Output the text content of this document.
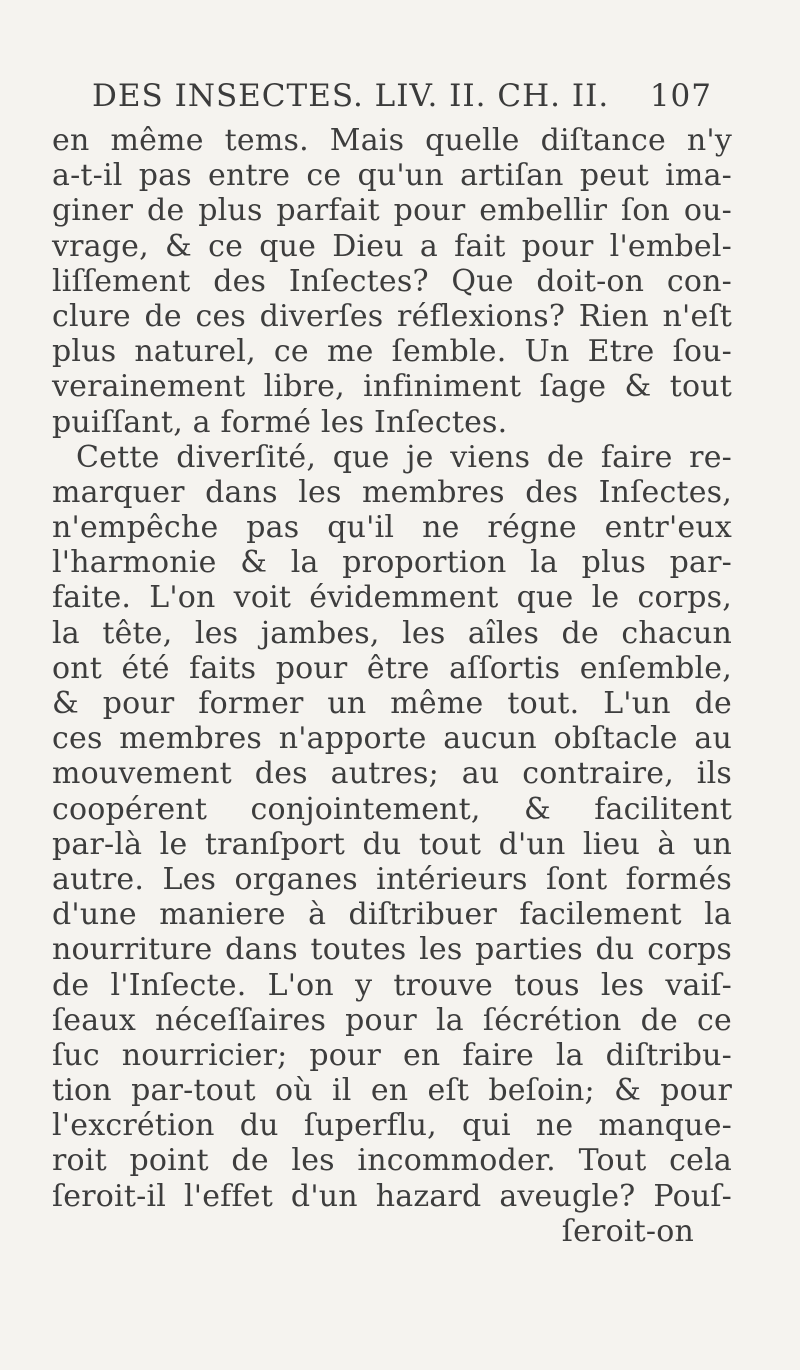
DES INSECTES. LIV. II. CH. II. 107
en même tems. Mais quelle diſtance n'y
a-t-il pas entre ce qu'un artiſan peut ima-
giner de plus parfait pour embellir ſon ou-
vrage, & ce que Dieu a fait pour l'embel-
liſſement des Inſectes? Que doit-on con-
clure de ces diverſes réflexions? Rien n'eſt
plus naturel, ce me ſemble. Un Etre ſou-
verainement libre, infiniment ſage & tout
puiſſant, a formé les Inſectes.
Cette diverſité, que je viens de faire re-
marquer dans les membres des Inſectes,
n'empêche pas qu'il ne régne entr'eux
l'harmonie & la proportion la plus par-
faite. L'on voit évidemment que le corps,
la tête, les jambes, les aîles de chacun
ont été faits pour être aſſortis enſemble,
& pour former un même tout. L'un de
ces membres n'apporte aucun obſtacle au
mouvement des autres; au contraire, ils
coopérent conjointement, & facilitent
par-là le tranſport du tout d'un lieu à un
autre. Les organes intérieurs ſont formés
d'une maniere à diſtribuer facilement la
nourriture dans toutes les parties du corps
de l'Inſecte. L'on y trouve tous les vaiſ-
ſeaux néceſſaires pour la ſécrétion de ce
ſuc nourricier; pour en faire la diſtribu-
tion par-tout où il en eſt beſoin; & pour
l'excrétion du ſuperflu, qui ne manque-
roit point de les incommoder. Tout cela
ſeroit-il l'effet d'un hazard aveugle? Pouſ-
ſeroit-on
